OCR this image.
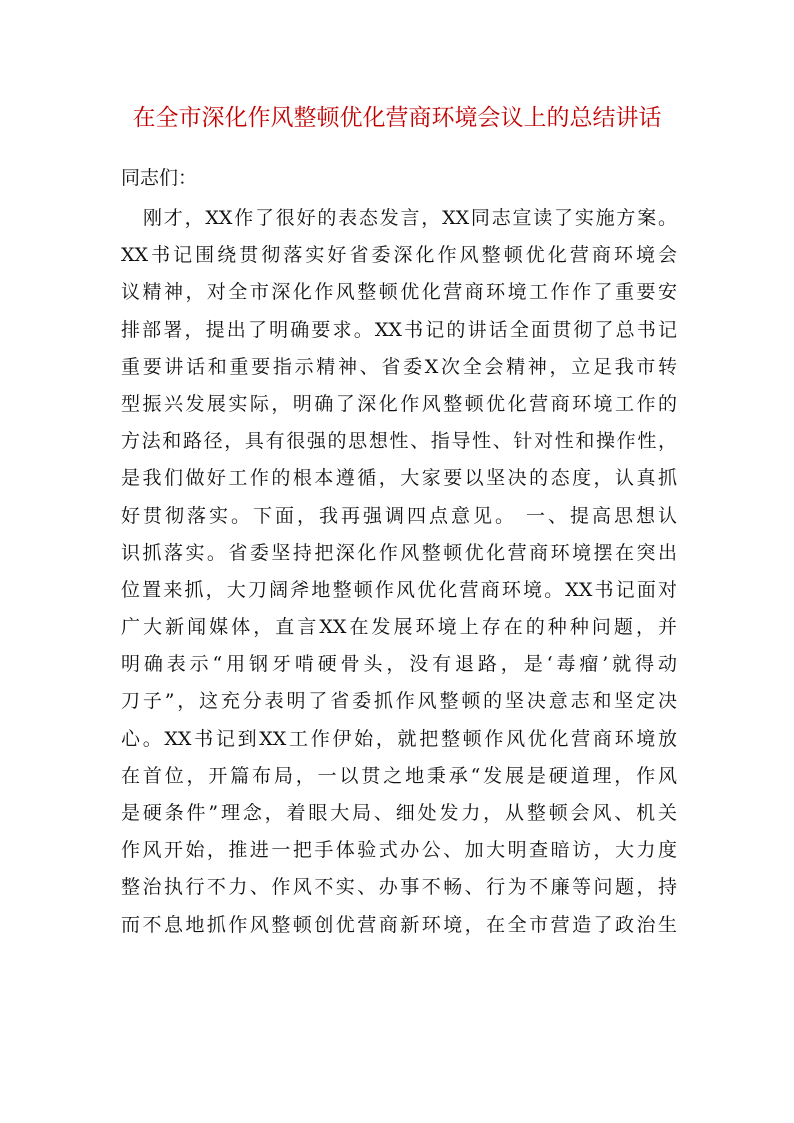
在全市深化作风整顿优化营商环境会议上的总结讲话
同志们：
刚才，XX作了很好的表态发言，XX同志宣读了实施方案。
XX书记围绕贯彻落实好省委深化作风整顿优化营商环境会
议精神，对全市深化作风整顿优化营商环境工作作了重要安
排部署，提出了明确要求。XX书记的讲话全面贯彻了总书记
重要讲话和重要指示精神、省委X次全会精神，立足我市转
型振兴发展实际，明确了深化作风整顿优化营商环境工作的
方法和路径，具有很强的思想性、指导性、针对性和操作性，
是我们做好工作的根本遵循，大家要以坚决的态度，认真抓
好贯彻落实。下面，我再强调四点意见。 一、提高思想认
识抓落实。省委坚持把深化作风整顿优化营商环境摆在突出
位置来抓，大刀阔斧地整顿作风优化营商环境。XX书记面对
广大新闻媒体，直言XX在发展环境上存在的种种问题，并
明确表示“用钢牙啃硬骨头，没有退路，是‘毒瘤’就得动
刀子”，这充分表明了省委抓作风整顿的坚决意志和坚定决
心。XX书记到XX工作伊始，就把整顿作风优化营商环境放
在首位，开篇布局，一以贯之地秉承“发展是硬道理，作风
是硬条件”理念，着眼大局、细处发力，从整顿会风、机关
作风开始，推进一把手体验式办公、加大明查暗访，大力度
整治执行不力、作风不实、办事不畅、行为不廉等问题，持
而不息地抓作风整顿创优营商新环境，在全市营造了政治生
